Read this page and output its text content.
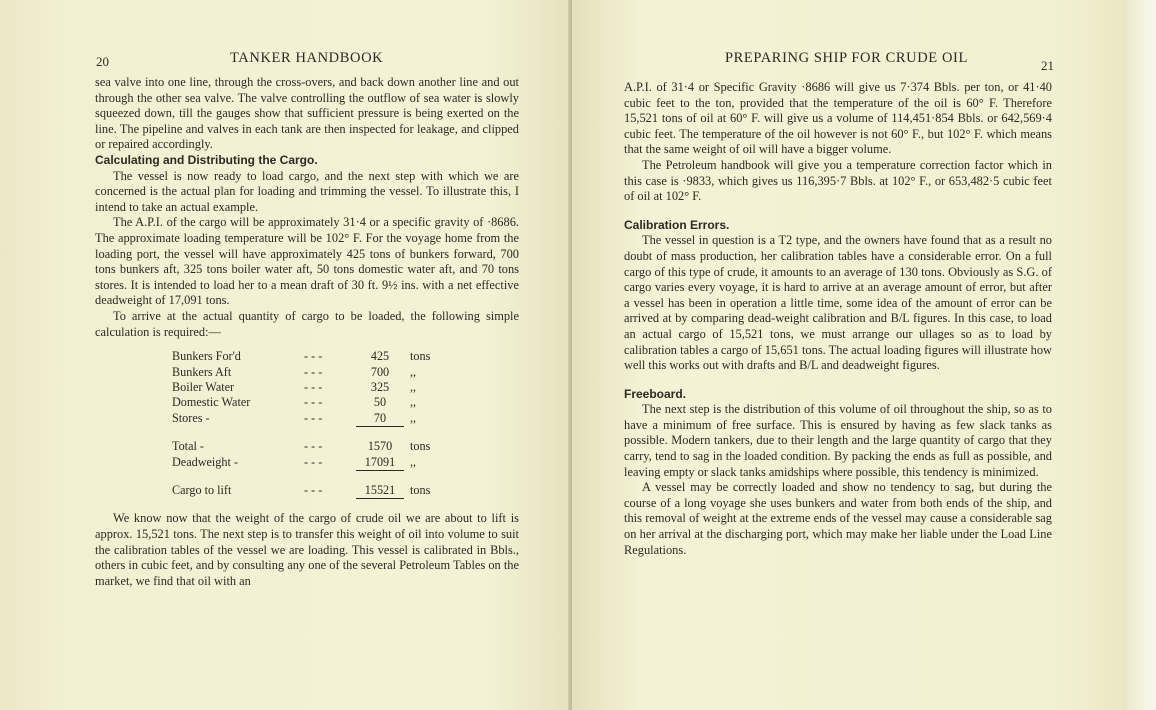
20	TANKER HANDBOOK

sea valve into one line, through the cross-overs, and back down another line and out through the other sea valve. The valve controlling the outflow of sea water is slowly squeezed down, till the gauges show that sufficient pressure is being exerted on the line. The pipeline and valves in each tank are then inspected for leakage, and clipped or repaired accordingly.

Calculating and Distributing the Cargo.

The vessel is now ready to load cargo, and the next step with which we are concerned is the actual plan for loading and trimming the vessel. To illustrate this, I intend to take an actual example.

The A.P.I. of the cargo will be approximately 31·4 or a specific gravity of ·8686. The approximate loading temperature will be 102° F. For the voyage home from the loading port, the vessel will have approximately 425 tons of bunkers forward, 700 tons bunkers aft, 325 tons boiler water aft, 50 tons domestic water aft, and 70 tons stores. It is intended to load her to a mean draft of 30 ft. 9½ ins. with a net effective deadweight of 17,091 tons.

To arrive at the actual quantity of cargo to be loaded, the following simple calculation is required:—

Bunkers For'd	- - -	425	tons
Bunkers Aft	- - -	700	,,
Boiler Water	- - -	325	,,
Domestic Water	- - -	50	,,
Stores -	- - -	70	,,

Total -	- - -	1570	tons
Deadweight -	- - -	17091	,,

Cargo to lift	- - -	15521	tons

We know now that the weight of the cargo of crude oil we are about to lift is approx. 15,521 tons. The next step is to transfer this weight of oil into volume to suit the calibration tables of the vessel we are loading. This vessel is calibrated in Bbls., others in cubic feet, and by consulting any one of the several Petroleum Tables on the market, we find that oil with an

PREPARING SHIP FOR CRUDE OIL	21

A.P.I. of 31·4 or Specific Gravity ·8686 will give us 7·374 Bbls. per ton, or 41·40 cubic feet to the ton, provided that the temperature of the oil is 60° F. Therefore 15,521 tons of oil at 60° F. will give us a volume of 114,451·854 Bbls. or 642,569·4 cubic feet. The temperature of the oil however is not 60° F., but 102° F. which means that the same weight of oil will have a bigger volume.

The Petroleum handbook will give you a temperature correction factor which in this case is ·9833, which gives us 116,395·7 Bbls. at 102° F., or 653,482·5 cubic feet of oil at 102° F.

Calibration Errors.

The vessel in question is a T2 type, and the owners have found that as a result no doubt of mass production, her calibration tables have a considerable error. On a full cargo of this type of crude, it amounts to an average of 130 tons. Obviously as S.G. of cargo varies every voyage, it is hard to arrive at an average amount of error, but after a vessel has been in operation a little time, some idea of the amount of error can be arrived at by comparing dead-weight calibration and B/L figures. In this case, to load an actual cargo of 15,521 tons, we must arrange our ullages so as to load by calibration tables a cargo of 15,651 tons. The actual loading figures will illustrate how well this works out with drafts and B/L and deadweight figures.

Freeboard.

The next step is the distribution of this volume of oil throughout the ship, so as to have a minimum of free surface. This is ensured by having as few slack tanks as possible. Modern tankers, due to their length and the large quantity of cargo that they carry, tend to sag in the loaded condition. By packing the ends as full as possible, and leaving empty or slack tanks amidships where possible, this tendency is minimized.

A vessel may be correctly loaded and show no tendency to sag, but during the course of a long voyage she uses bunkers and water from both ends of the ship, and this removal of weight at the extreme ends of the vessel may cause a considerable sag on her arrival at the discharging port, which may make her liable under the Load Line Regulations.
